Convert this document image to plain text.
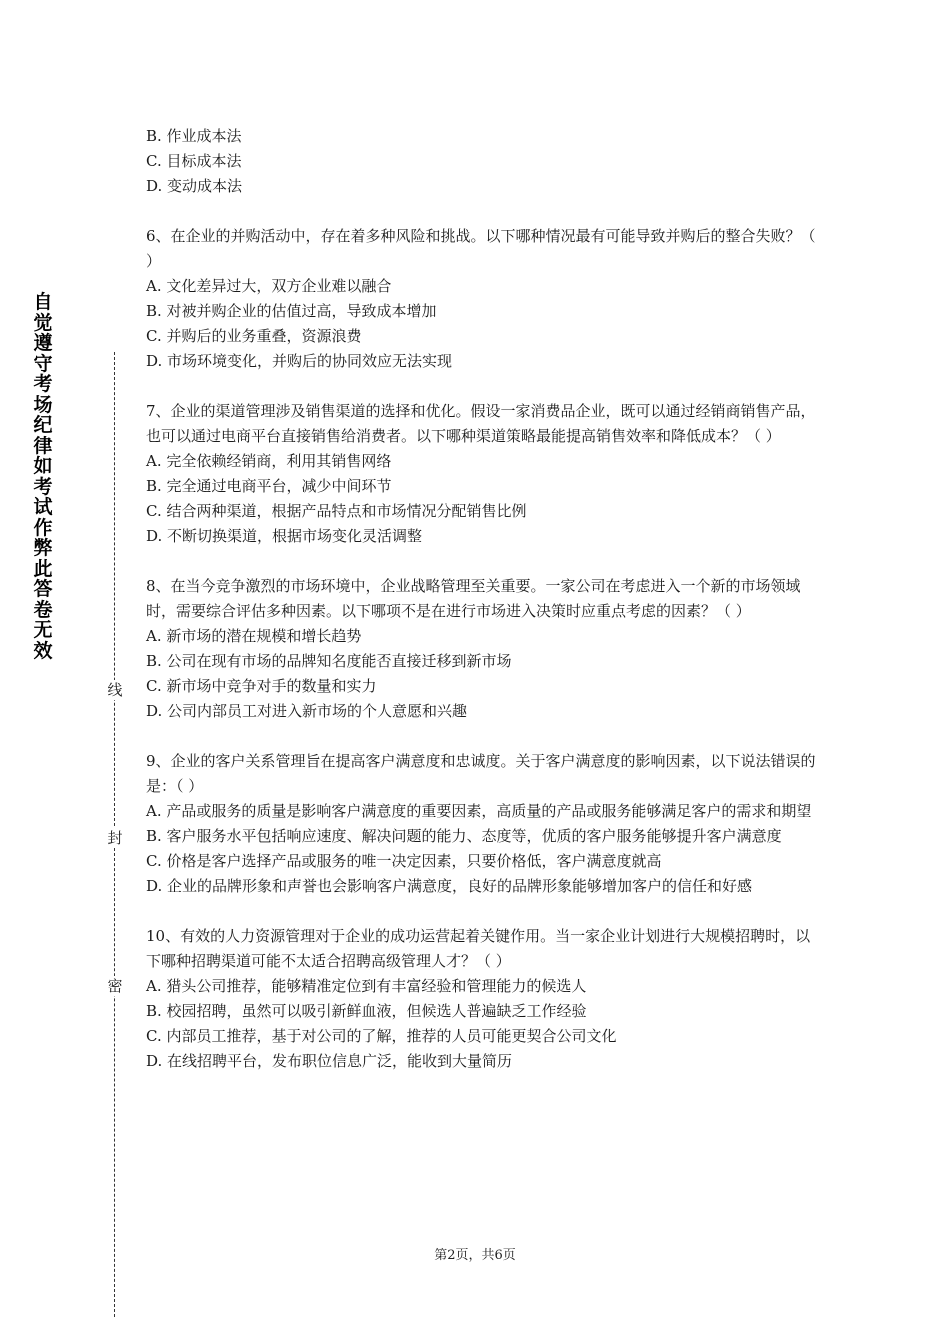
自
觉
遵
守
考
场
纪
律
如
考
试
作
弊
此
答
卷
无
效
线
封
密
B. 作业成本法
C. 目标成本法
D. 变动成本法
6、在企业的并购活动中，存在着多种风险和挑战。以下哪种情况最有可能导致并购后的整合失败？（ ）
A. 文化差异过大，双方企业难以融合
B. 对被并购企业的估值过高，导致成本增加
C. 并购后的业务重叠，资源浪费
D. 市场环境变化，并购后的协同效应无法实现
7、企业的渠道管理涉及销售渠道的选择和优化。假设一家消费品企业，既可以通过经销商销售产品，也可以通过电商平台直接销售给消费者。以下哪种渠道策略最能提高销售效率和降低成本？（ ）
A. 完全依赖经销商，利用其销售网络
B. 完全通过电商平台，减少中间环节
C. 结合两种渠道，根据产品特点和市场情况分配销售比例
D. 不断切换渠道，根据市场变化灵活调整
8、在当今竞争激烈的市场环境中，企业战略管理至关重要。一家公司在考虑进入一个新的市场领域时，需要综合评估多种因素。以下哪项不是在进行市场进入决策时应重点考虑的因素？（ ）
A. 新市场的潜在规模和增长趋势
B. 公司在现有市场的品牌知名度能否直接迁移到新市场
C. 新市场中竞争对手的数量和实力
D. 公司内部员工对进入新市场的个人意愿和兴趣
9、企业的客户关系管理旨在提高客户满意度和忠诚度。关于客户满意度的影响因素，以下说法错误的是：（ ）
A. 产品或服务的质量是影响客户满意度的重要因素，高质量的产品或服务能够满足客户的需求和期望
B. 客户服务水平包括响应速度、解决问题的能力、态度等，优质的客户服务能够提升客户满意度
C. 价格是客户选择产品或服务的唯一决定因素，只要价格低，客户满意度就高
D. 企业的品牌形象和声誉也会影响客户满意度，良好的品牌形象能够增加客户的信任和好感
10、有效的人力资源管理对于企业的成功运营起着关键作用。当一家企业计划进行大规模招聘时，以下哪种招聘渠道可能不太适合招聘高级管理人才？（ ）
A. 猎头公司推荐，能够精准定位到有丰富经验和管理能力的候选人
B. 校园招聘，虽然可以吸引新鲜血液，但候选人普遍缺乏工作经验
C. 内部员工推荐，基于对公司的了解，推荐的人员可能更契合公司文化
D. 在线招聘平台，发布职位信息广泛，能收到大量简历
第2页，共6页
